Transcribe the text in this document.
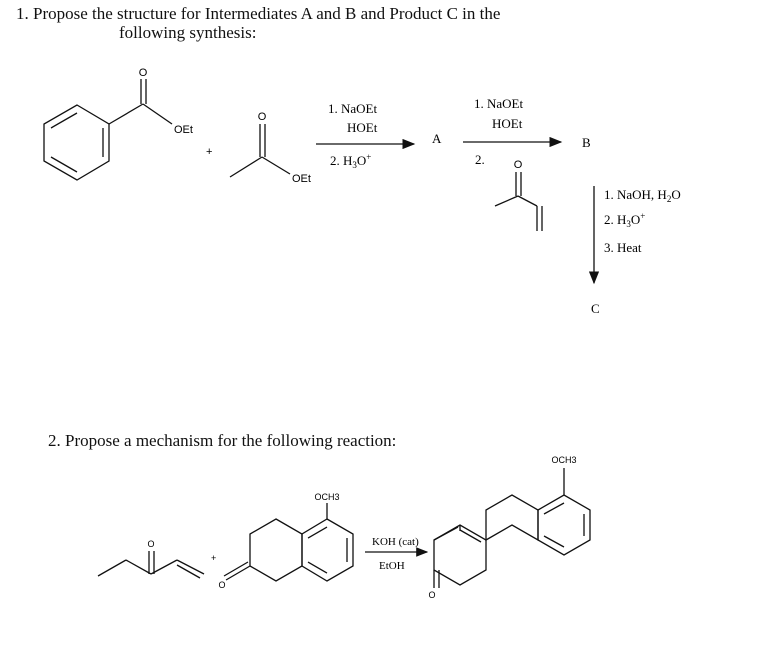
1. Propose the structure for Intermediates A and B and Product C in the
following synthesis:
2. Propose a mechanism for the following reaction:
O
OEt
+
O
OEt
1. NaOEt
HOEt
2. $H_3O^+$
A
1. NaOEt
HOEt
2.	O
B
1. NaOH, $H_2O$
2. $H_3O^+$
3. Heat
C
O
+
O
OCH3
KOH (cat)
EtOH
O
OCH3
